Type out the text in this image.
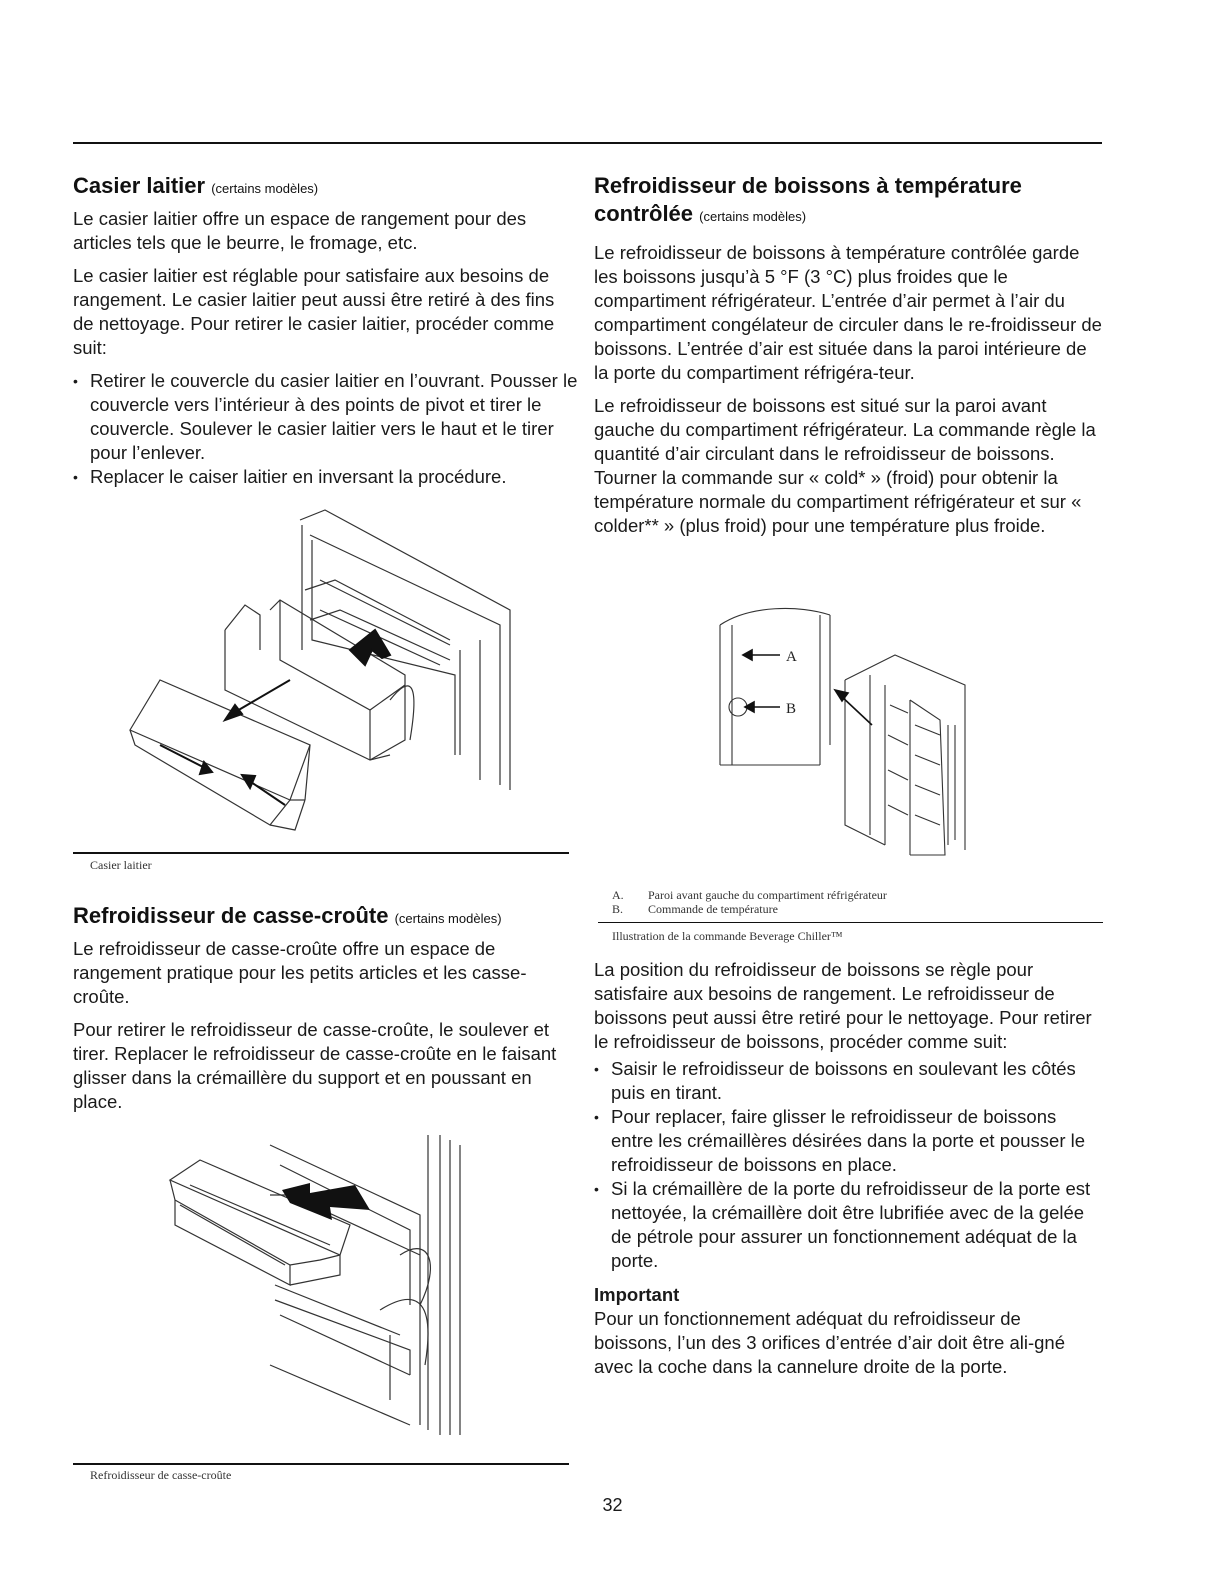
Casier laitier (certains modèles)

Le casier laitier offre un espace de rangement pour des articles tels que le beurre, le fromage, etc.

Le casier laitier est réglable pour satisfaire aux besoins de rangement. Le casier laitier peut aussi être retiré à des fins de nettoyage. Pour retirer le casier laitier, procéder comme suit:

• Retirer le couvercle du casier laitier en l’ouvrant. Pousser le couvercle vers l’intérieur à des points de pivot et tirer le couvercle. Soulever le casier laitier vers le haut et le tirer pour l’enlever.
• Replacer le caiser laitier en inversant la procédure.
Casier laitier
Refroidisseur de casse-croûte (certains modèles)

Le refroidisseur de casse-croûte offre un espace de rangement pratique pour les petits articles et les casse-croûte.

Pour retirer le refroidisseur de casse-croûte, le soulever et tirer. Replacer le refroidisseur de casse-croûte en le faisant glisser dans la crémaillère du support et en poussant en place.

Refroidisseur de casse-croûte
Refroidisseur de boissons à température
contrôlée (certains modèles)

Le refroidisseur de boissons à température contrôlée garde les boissons jusqu’à 5 °F (3 °C) plus froides que le compartiment réfrigérateur. L’entrée d’air permet à l’air du compartiment congélateur de circuler dans le re-froidisseur de boissons. L’entrée d’air est située dans la paroi intérieure de la porte du compartiment réfrigéra-teur.

Le refroidisseur de boissons est situé sur la paroi avant gauche du compartiment réfrigérateur. La commande règle la quantité d’air circulant dans le refroidisseur de boissons. Tourner la commande sur « cold* » (froid) pour obtenir la température normale du compartiment réfrigérateur et sur « colder** » (plus froid) pour une température plus froide.

A
B
A. Paroi avant gauche du compartiment réfrigérateur
B. Commande de température
Illustration de la commande Beverage Chiller™

La position du refroidisseur de boissons se règle pour satisfaire aux besoins de rangement. Le refroidisseur de boissons peut aussi être retiré pour le nettoyage. Pour retirer le refroidisseur de boissons, procéder comme suit:

• Saisir le refroidisseur de boissons en soulevant les côtés puis en tirant.
• Pour replacer, faire glisser le refroidisseur de boissons entre les crémaillères désirées dans la porte et pousser le refroidisseur de boissons en place.
• Si la crémaillère de la porte du refroidisseur de la porte est nettoyée, la crémaillère doit être lubrifiée avec de la gelée de pétrole pour assurer un fonctionnement adéquat de la porte.
Important

Pour un fonctionnement adéquat du refroidisseur de boissons, l’un des 3 orifices d’entrée d’air doit être ali-gné avec la coche dans la cannelure droite de la porte.

32
